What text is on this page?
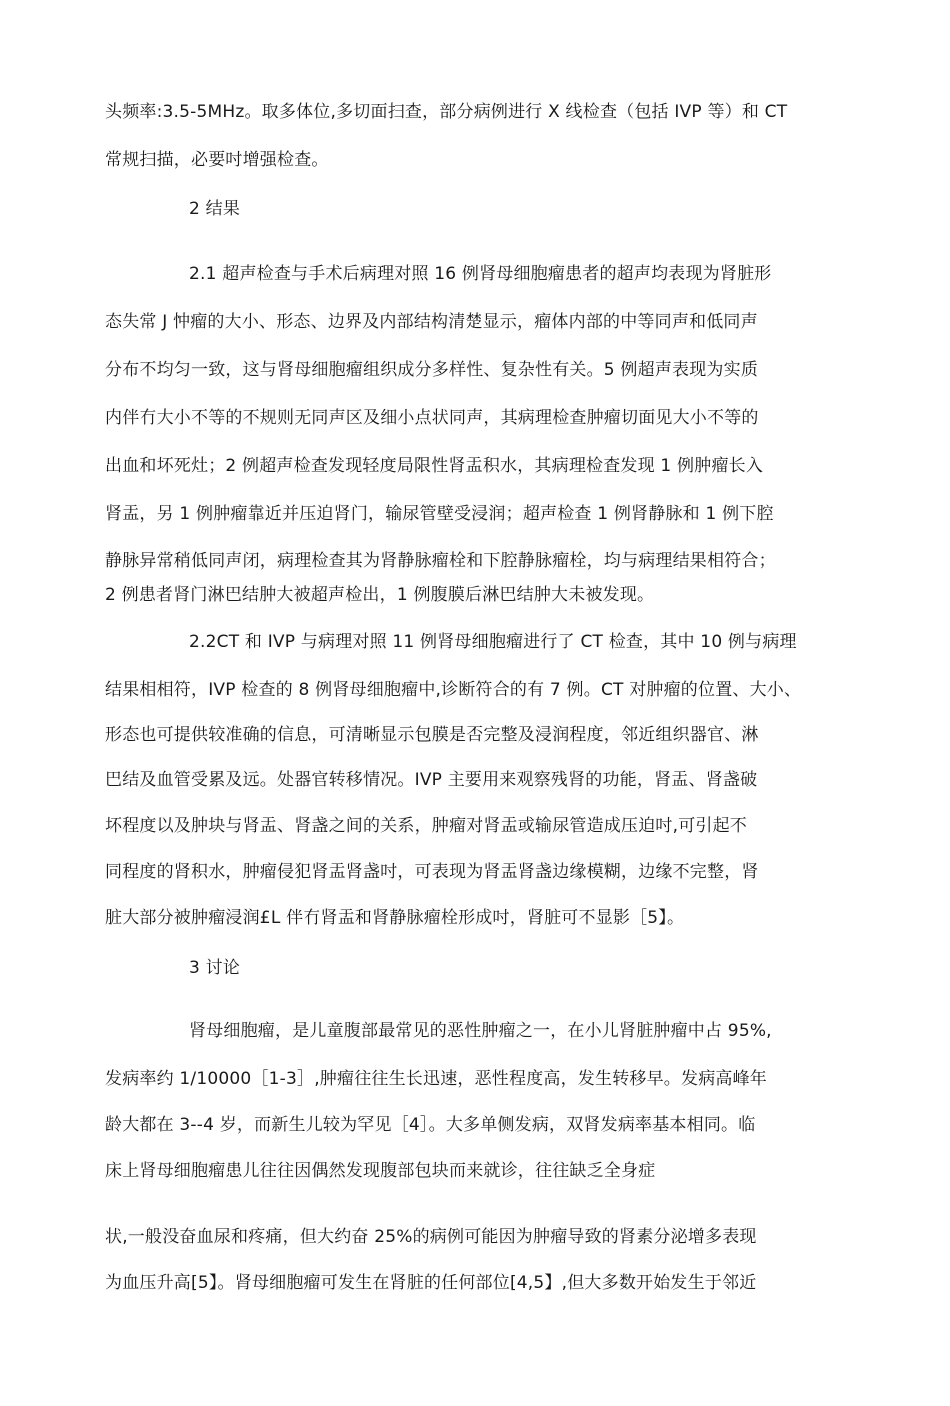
头频率:3.5-5MHz。取多体位,多切面扫查，部分病例进行 X 线检查（包括 IVP 等）和 CT
常规扫描，必要吋增强检查。
2 结果
2.1 超声检查与手术后病理对照 16 例肾母细胞瘤患者的超声均表现为肾脏形
态失常 J 忡瘤的大小、形态、边界及内部结构清楚显示，瘤体内部的中等同声和低同声
分布不均匀一致，这与肾母细胞瘤组织成分多样性、复杂性有关。5 例超声表现为实质
内伴冇大小不等的不规则无同声区及细小点状同声，其病理检查肿瘤切面见大小不等的
出血和坏死灶；2 例超声检查发现轻度局限性肾盂积水，其病理检査发现 1 例肿瘤长入
肾盂，另 1 例肿瘤靠近并压迫肾门，输尿管壁受浸润；超声检查 1 例肾静脉和 1 例下腔
静脉异常稍低同声闭，病理检查其为肾静脉瘤栓和下腔静脉瘤栓，均与病理结果相符合；
2 例患者肾门淋巴结肿大被超声检出，1 例腹膜后淋巴结肿大未被发现。
2.2CT 和 IVP 与病理对照 11 例肾母细胞瘤进行了 CT 检查，其中 10 例与病理
结果相相符，IVP 检查的 8 例肾母细胞瘤中,诊断符合的有 7 例。CT 对肿瘤的位置、大小、
形态也可提供较准确的信息，可清晰显示包膜是否完整及浸润程度，邻近组织器官、淋
巴结及血管受累及远。处器官转移情况。IVP 主要用来观察残肾的功能，肾盂、肾盏破
坏程度以及肿块与肾盂、肾盏之间的关系，肿瘤对肾盂或输尿管造成压迫吋,可引起不
同程度的肾积水，肿瘤侵犯肾盂肾盏吋，可表现为肾盂肾盏边缘模糊，边缘不完整，肾
脏大部分被肿瘤浸润£L 伴冇肾盂和肾静脉瘤栓形成吋，肾脏可不显影［5】。
3 讨论
肾母细胞瘤，是儿童腹部最常见的恶性肿瘤之一，在小儿肾脏肿瘤中占 95%,
发病率约 1/10000［1-3］,肿瘤往往生长迅速，恶性程度高，发生转移早。发病高峰年
龄大都在 3--4 岁，而新生儿较为罕见［4］。大多单侧发病，双肾发病率基本相同。临
床上肾母细胞瘤患儿往往因偶然发现腹部包块而来就诊，往往缺乏全身症
状,一般没奋血尿和疼痛，但大约奋 25%的病例可能因为肿瘤导致的肾素分泌增多表现
为血压升高[5】。肾母细胞瘤可发生在肾脏的任何部位[4,5】,但大多数开始发生于邻近
